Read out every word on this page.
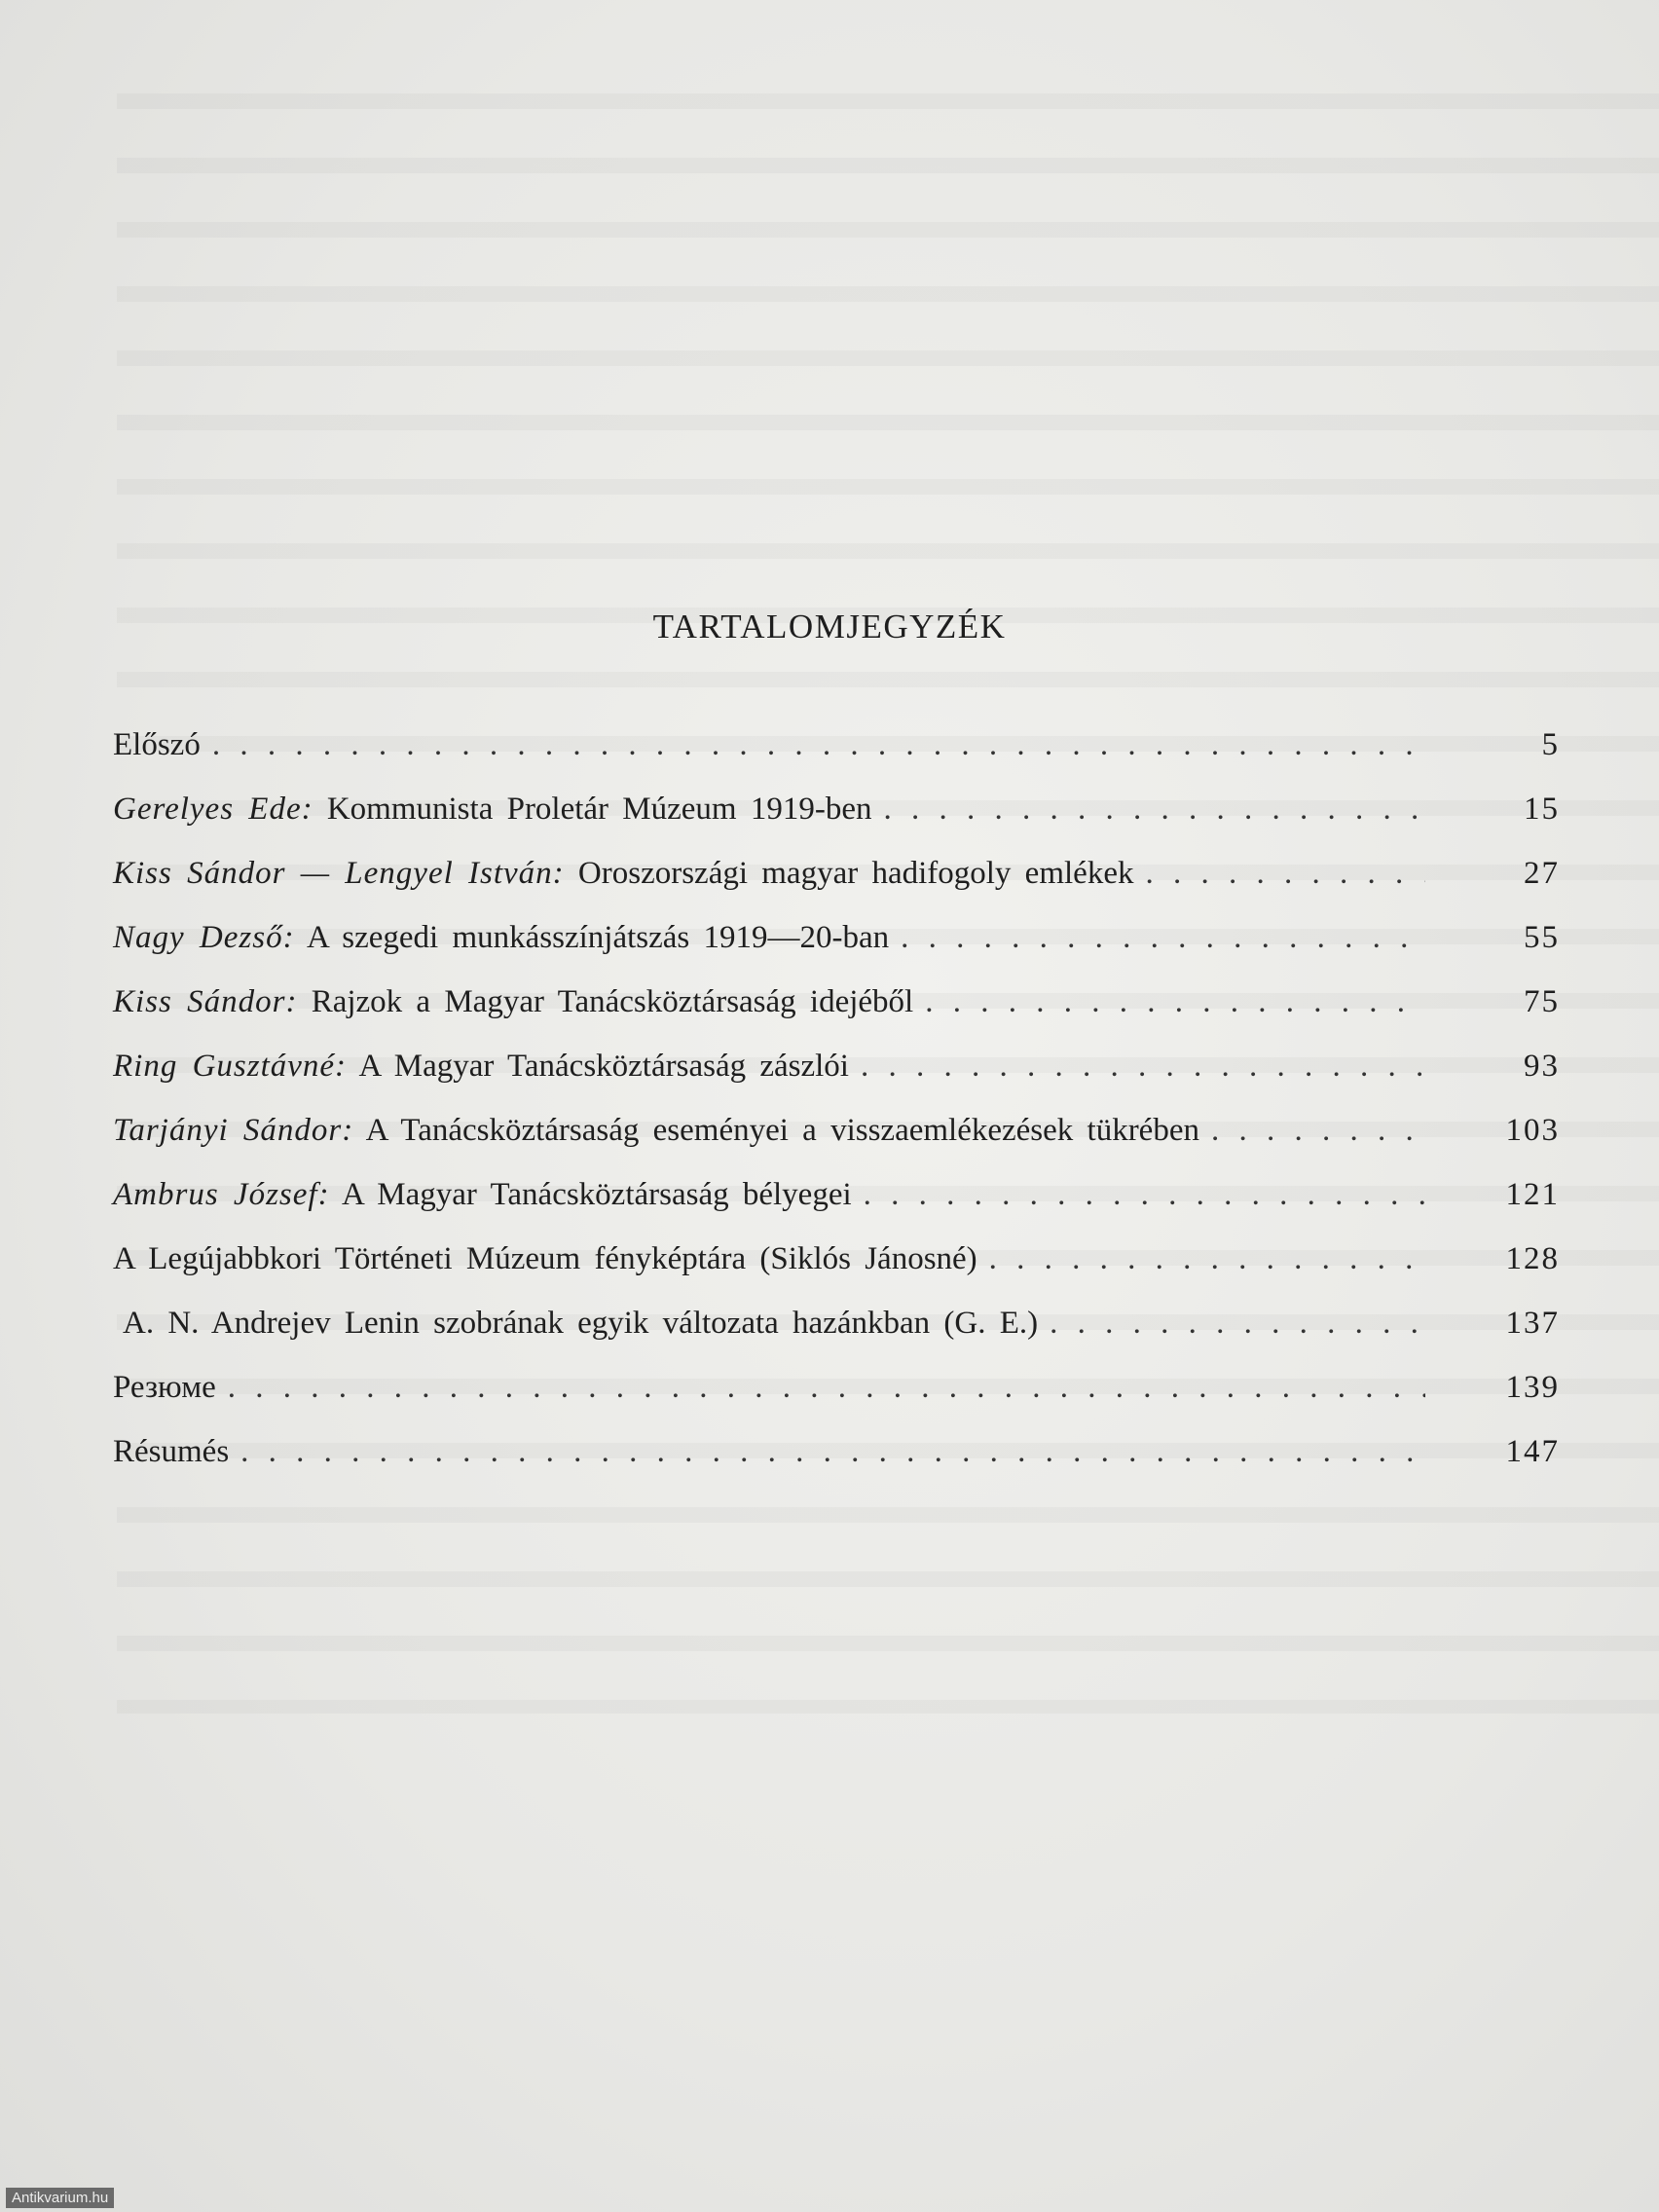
TARTALOMJEGYZÉK
Előszó . . .	5
Gerelyes Ede: Kommunista Proletár Múzeum 1919-ben . . .	15
Kiss Sándor — Lengyel István: Oroszországi magyar hadifogoly emlékek . . .	27
Nagy Dezső: A szegedi munkásszínjátszás 1919—20-ban . . .	55
Kiss Sándor: Rajzok a Magyar Tanácsköztársaság idejéből . . .	75
Ring Gusztávné: A Magyar Tanácsköztársaság zászlói . . .	93
Tarjányi Sándor: A Tanácsköztársaság eseményei a visszaemlékezések tükrében . . .	103
Ambrus József: A Magyar Tanácsköztársaság bélyegei . . .	121
A Legújabbkori Történeti Múzeum fényképtára (Siklós Jánosné) . . .	128
A. N. Andrejev Lenin szobrának egyik változata hazánkban (G. E.) . . .	137
Резюме . . .	139
Résumés . . .	147
Antikvarium.hu
